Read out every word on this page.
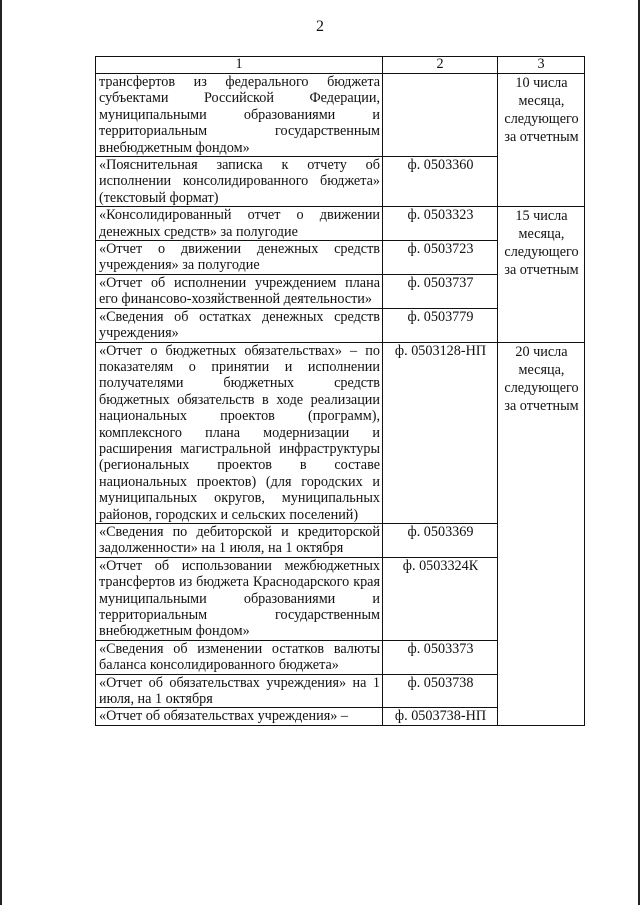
2
1	2	3
трансфертов из федерального бюджета субъектами Российской Федерации, муниципальными образованиями и территориальным государственным внебюджетным фондом»		10 числа месяца, следующего за отчетным
«Пояснительная записка к отчету об исполнении консолидированного бюджета» (текстовый формат)	ф. 0503360	
«Консолидированный отчет о движении денежных средств» за полугодие	ф. 0503323	15 числа месяца, следующего за отчетным
«Отчет о движении денежных средств учреждения» за полугодие	ф. 0503723	
«Отчет об исполнении учреждением плана его финансово-хозяйственной деятельности»	ф. 0503737	
«Сведения об остатках денежных средств учреждения»	ф. 0503779	
«Отчет о бюджетных обязательствах» – по показателям о принятии и исполнении получателями бюджетных средств бюджетных обязательств в ходе реализации национальных проектов (программ), комплексного плана модернизации и расширения магистральной инфраструктуры (региональных проектов в составе национальных проектов) (для городских и муниципальных округов, муниципальных районов, городских и сельских поселений)	ф. 0503128-НП	20 числа месяца, следующего за отчетным
«Сведения по дебиторской и кредиторской задолженности» на 1 июля, на 1 октября	ф. 0503369	
«Отчет об использовании межбюджетных трансфертов из бюджета Краснодарского края муниципальными образованиями и территориальным государственным внебюджетным фондом»	ф. 0503324К	
«Сведения об изменении остатков валюты баланса консолидированного бюджета»	ф. 0503373	
«Отчет об обязательствах учреждения» на 1 июля, на 1 октября	ф. 0503738	
«Отчет об обязательствах учреждения» –	ф. 0503738-НП	
